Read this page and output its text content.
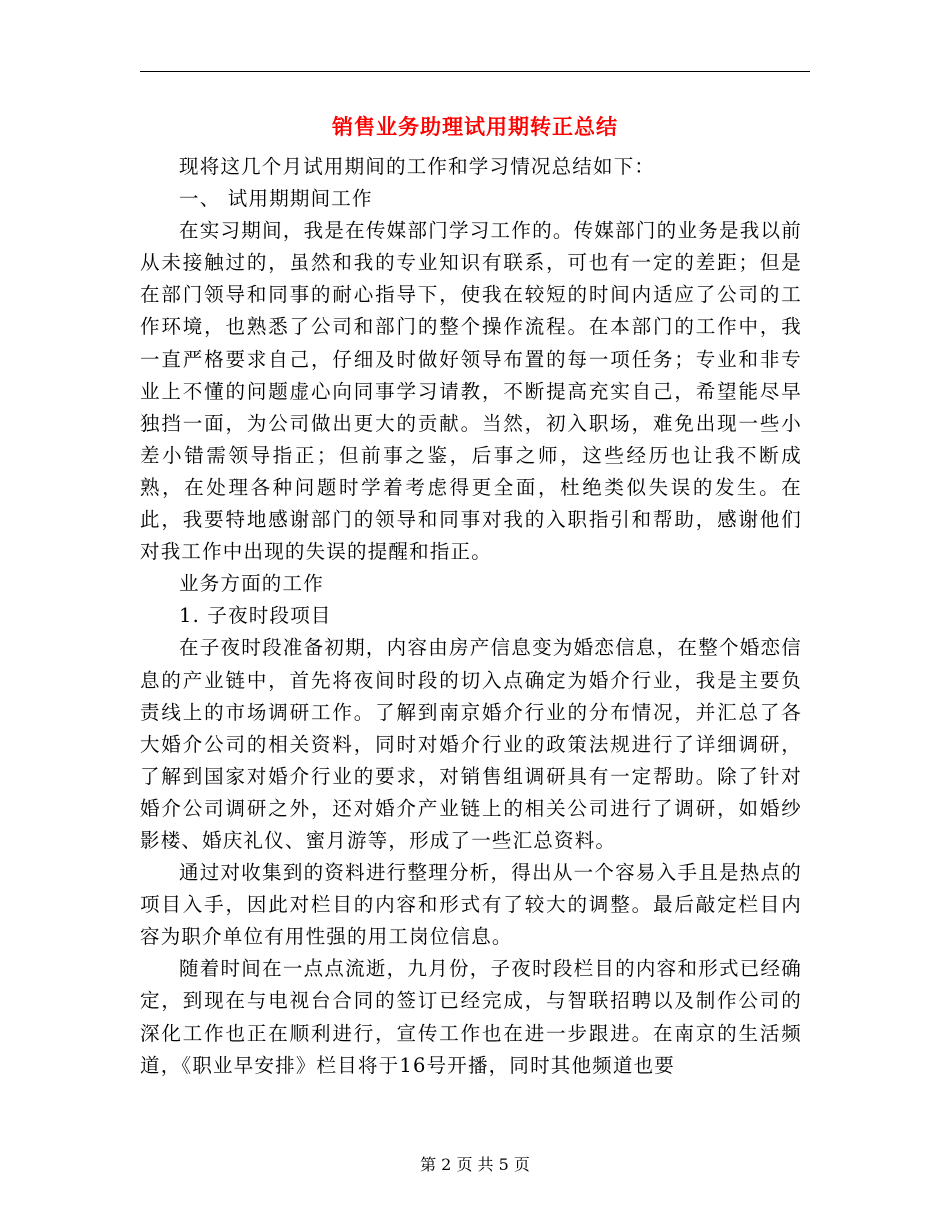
销售业务助理试用期转正总结

现将这几个月试用期间的工作和学习情况总结如下：

一、 试用期期间工作

在实习期间，我是在传媒部门学习工作的。传媒部门的业务是我以前从未接触过的，虽然和我的专业知识有联系，可也有一定的差距；但是在部门领导和同事的耐心指导下，使我在较短的时间内适应了公司的工作环境，也熟悉了公司和部门的整个操作流程。在本部门的工作中，我一直严格要求自己，仔细及时做好领导布置的每一项任务；专业和非专业上不懂的问题虚心向同事学习请教，不断提高充实自己，希望能尽早独挡一面，为公司做出更大的贡献。当然，初入职场，难免出现一些小差小错需领导指正；但前事之鉴，后事之师，这些经历也让我不断成熟，在处理各种问题时学着考虑得更全面，杜绝类似失误的发生。在此，我要特地感谢部门的领导和同事对我的入职指引和帮助，感谢他们对我工作中出现的失误的提醒和指正。

业务方面的工作

1. 子夜时段项目

在子夜时段准备初期，内容由房产信息变为婚恋信息，在整个婚恋信息的产业链中，首先将夜间时段的切入点确定为婚介行业，我是主要负责线上的市场调研工作。了解到南京婚介行业的分布情况，并汇总了各大婚介公司的相关资料，同时对婚介行业的政策法规进行了详细调研，了解到国家对婚介行业的要求，对销售组调研具有一定帮助。除了针对婚介公司调研之外，还对婚介产业链上的相关公司进行了调研，如婚纱影楼、婚庆礼仪、蜜月游等，形成了一些汇总资料。

通过对收集到的资料进行整理分析，得出从一个容易入手且是热点的项目入手，因此对栏目的内容和形式有了较大的调整。最后敲定栏目内容为职介单位有用性强的用工岗位信息。

随着时间在一点点流逝，九月份，子夜时段栏目的内容和形式已经确定，到现在与电视台合同的签订已经完成，与智联招聘以及制作公司的深化工作也正在顺利进行，宣传工作也在进一步跟进。在南京的生活频道，《职业早安排》栏目将于16号开播，同时其他频道也要

第 2 页 共 5 页
